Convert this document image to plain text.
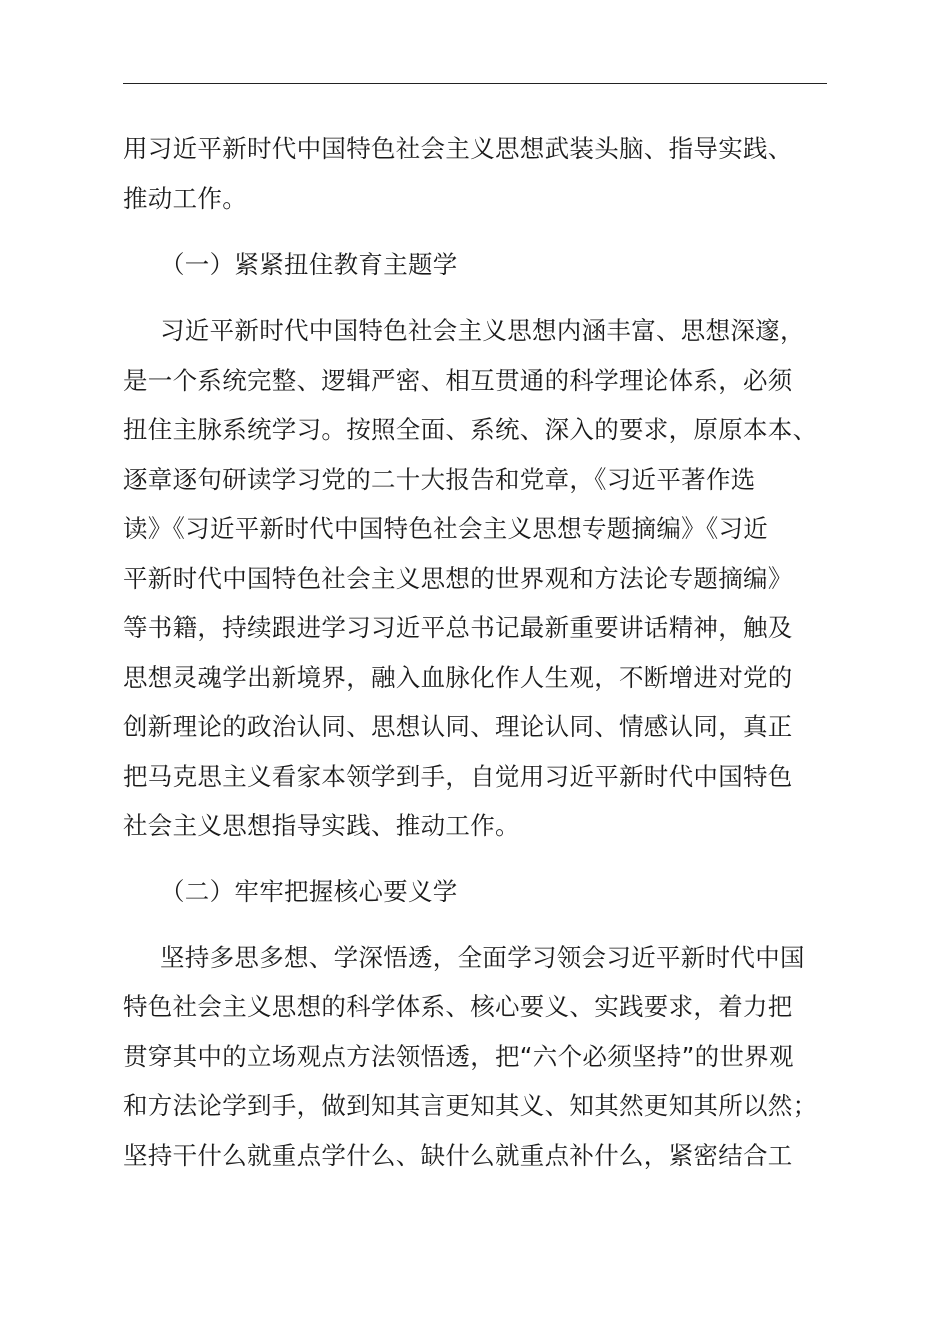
用习近平新时代中国特色社会主义思想武装头脑、指导实践、
推动工作。
（一）紧紧扭住教育主题学
习近平新时代中国特色社会主义思想内涵丰富、思想深邃，
是一个系统完整、逻辑严密、相互贯通的科学理论体系，必须
扭住主脉系统学习。按照全面、系统、深入的要求，原原本本、
逐章逐句研读学习党的二十大报告和党章，《习近平著作选
读》《习近平新时代中国特色社会主义思想专题摘编》《习近
平新时代中国特色社会主义思想的世界观和方法论专题摘编》
等书籍，持续跟进学习习近平总书记最新重要讲话精神，触及
思想灵魂学出新境界，融入血脉化作人生观，不断增进对党的
创新理论的政治认同、思想认同、理论认同、情感认同，真正
把马克思主义看家本领学到手，自觉用习近平新时代中国特色
社会主义思想指导实践、推动工作。
（二）牢牢把握核心要义学
坚持多思多想、学深悟透，全面学习领会习近平新时代中国
特色社会主义思想的科学体系、核心要义、实践要求，着力把
贯穿其中的立场观点方法领悟透，把“六个必须坚持”的世界观
和方法论学到手，做到知其言更知其义、知其然更知其所以然；
坚持干什么就重点学什么、缺什么就重点补什么，紧密结合工
